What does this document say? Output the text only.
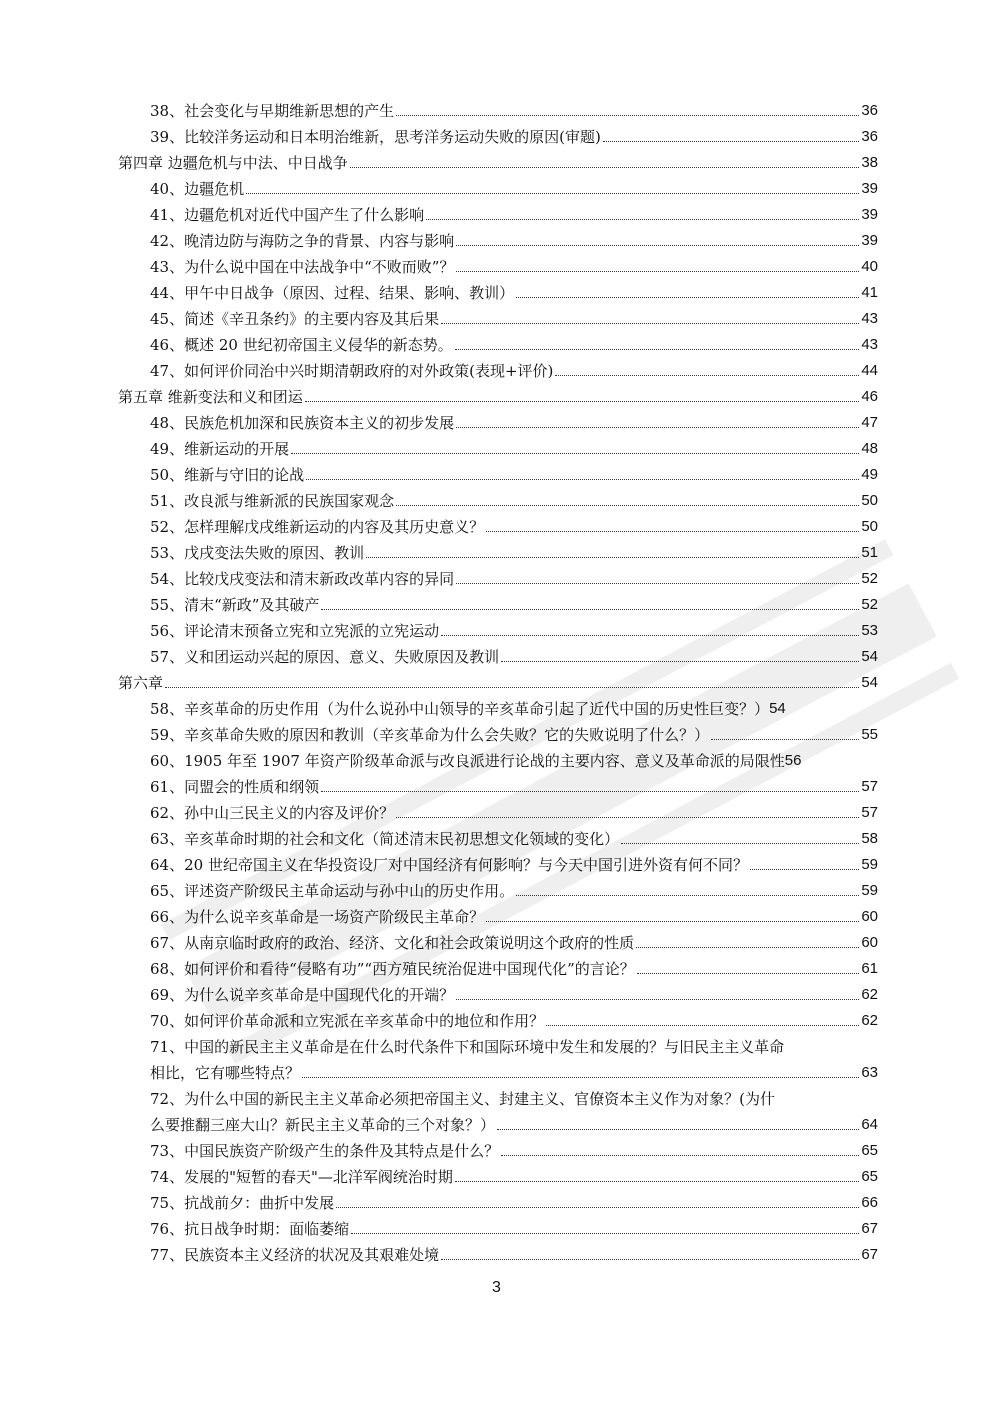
38、社会变化与早期维新思想的产生	36
39、比较洋务运动和日本明治维新，思考洋务运动失败的原因(审题)	36
第四章 边疆危机与中法、中日战争	38
40、边疆危机	39
41、边疆危机对近代中国产生了什么影响	39
42、晚清边防与海防之争的背景、内容与影响	39
43、为什么说中国在中法战争中“不败而败”？	40
44、甲午中日战争（原因、过程、结果、影响、教训）	41
45、简述《辛丑条约》的主要内容及其后果	43
46、概述 20 世纪初帝国主义侵华的新态势。	43
47、如何评价同治中兴时期清朝政府的对外政策(表现+评价)	44
第五章 维新变法和义和团运	46
48、民族危机加深和民族资本主义的初步发展	47
49、维新运动的开展	48
50、维新与守旧的论战	49
51、改良派与维新派的民族国家观念	50
52、怎样理解戊戌维新运动的内容及其历史意义？	50
53、戊戌变法失败的原因、教训	51
54、比较戊戌变法和清末新政改革内容的异同	52
55、清末“新政”及其破产	52
56、评论清末预备立宪和立宪派的立宪运动	53
57、义和团运动兴起的原因、意义、失败原因及教训	54
第六章	54
58、辛亥革命的历史作用（为什么说孙中山领导的辛亥革命引起了近代中国的历史性巨变？） 54
59、辛亥革命失败的原因和教训（辛亥革命为什么会失败？它的失败说明了什么？）	55
60、1905 年至 1907 年资产阶级革命派与改良派进行论战的主要内容、意义及革命派的局限性 56
61、同盟会的性质和纲领	57
62、孙中山三民主义的内容及评价？	57
63、辛亥革命时期的社会和文化（简述清末民初思想文化领域的变化）	58
64、20 世纪帝国主义在华投资设厂对中国经济有何影响？与今天中国引进外资有何不同？	59
65、评述资产阶级民主革命运动与孙中山的历史作用。	59
66、为什么说辛亥革命是一场资产阶级民主革命？	60
67、从南京临时政府的政治、经济、文化和社会政策说明这个政府的性质	60
68、如何评价和看待“侵略有功”“西方殖民统治促进中国现代化”的言论？	61
69、为什么说辛亥革命是中国现代化的开端？	62
70、如何评价革命派和立宪派在辛亥革命中的地位和作用？	62
71、中国的新民主主义革命是在什么时代条件下和国际环境中发生和发展的？与旧民主主义革命
相比，它有哪些特点？	63
72、为什么中国的新民主主义革命必须把帝国主义、封建主义、官僚资本主义作为对象？(为什
么要推翻三座大山？新民主主义革命的三个对象？）	64
73、中国民族资产阶级产生的条件及其特点是什么？	65
74、发展的"短暂的春天"—北洋军阀统治时期	65
75、抗战前夕：曲折中发展	66
76、抗日战争时期：面临萎缩	67
77、民族资本主义经济的状况及其艰难处境	67
3
